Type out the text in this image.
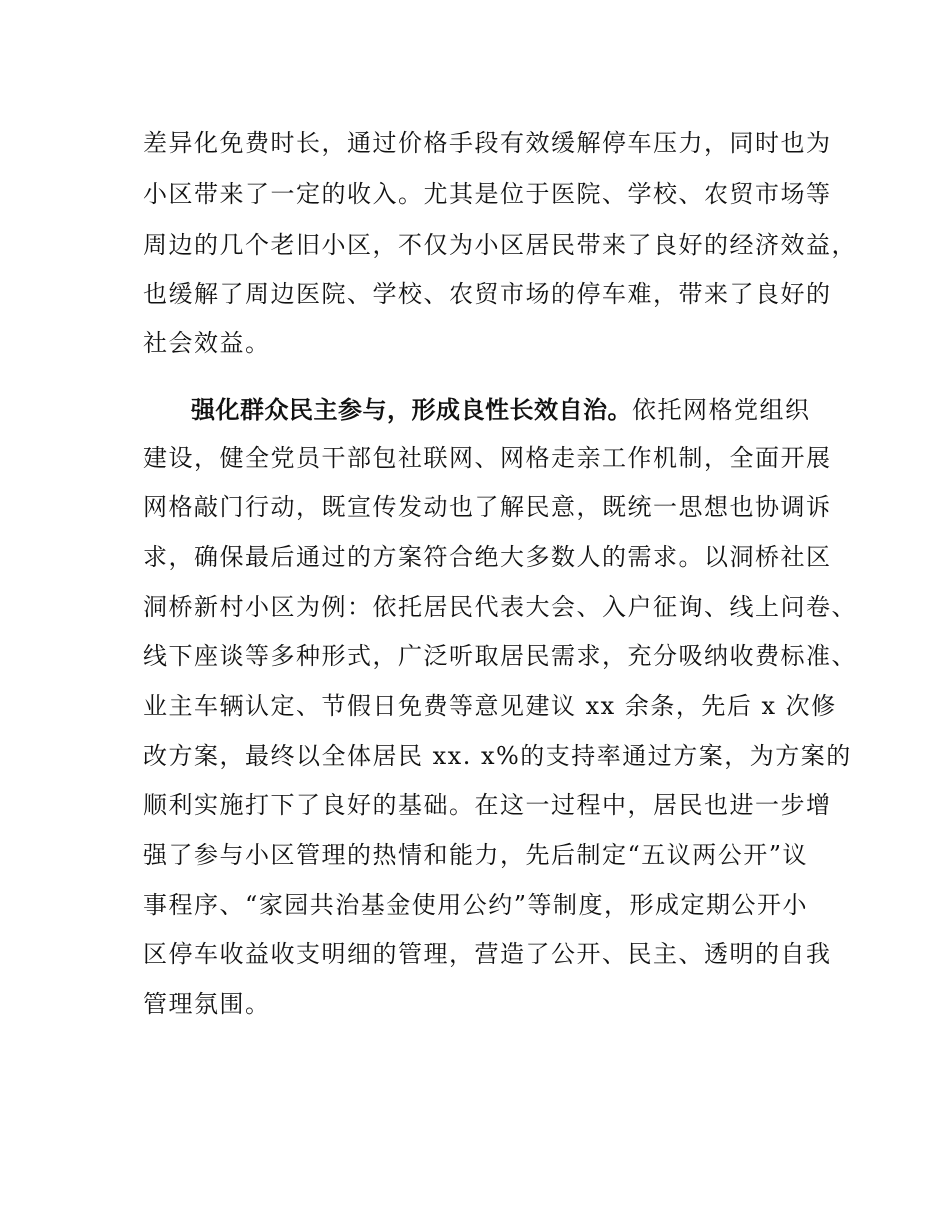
差异化免费时长，通过价格手段有效缓解停车压力，同时也为
小区带来了一定的收入。尤其是位于医院、学校、农贸市场等
周边的几个老旧小区，不仅为小区居民带来了良好的经济效益，
也缓解了周边医院、学校、农贸市场的停车难，带来了良好的
社会效益。
强化群众民主参与，形成良性长效自治。依托网格党组织
建设，健全党员干部包社联网、网格走亲工作机制，全面开展
网格敲门行动，既宣传发动也了解民意，既统一思想也协调诉
求，确保最后通过的方案符合绝大多数人的需求。以洞桥社区
洞桥新村小区为例：依托居民代表大会、入户征询、线上问卷、
线下座谈等多种形式，广泛听取居民需求，充分吸纳收费标准、
业主车辆认定、节假日免费等意见建议 xx 余条，先后 x 次修
改方案，最终以全体居民 xx. x%的支持率通过方案，为方案的
顺利实施打下了良好的基础。在这一过程中，居民也进一步增
强了参与小区管理的热情和能力，先后制定“五议两公开”议
事程序、“家园共治基金使用公约”等制度，形成定期公开小
区停车收益收支明细的管理，营造了公开、民主、透明的自我
管理氛围。
